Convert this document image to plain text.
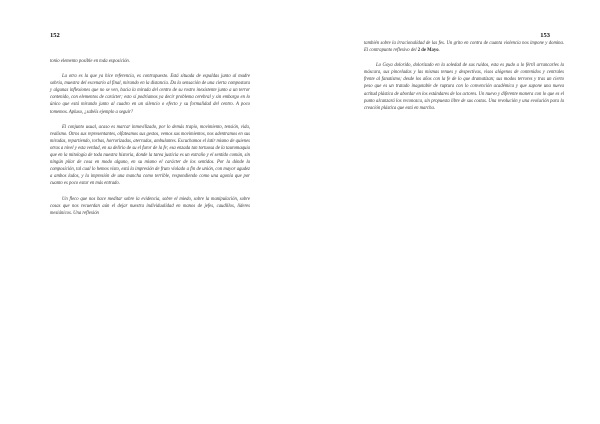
152

tonio elemento posible en toda exposición.

La otra es la que ya hice referencia, es contrapuesto. Está situada de espaldas junto al madre sobria, muestra del escenario al final, mirando en la distancia. Da la sensación de una cierta compostura y algunas inflexiones que no se ven, hacia la mirada del centro de su rostro inexistente junto a un terror contenido, con elementos de carácter; esto sí podríamos ya decir problema cerebral y sin embargo en lo único que está mirando junto al cuadro en un silencio o efecto y su formalidad del centro. A poco tomemos. Apluso, ¿sabéis ejemplo a seguir?

El conjunto usual, acaso es marcar inmovilizado, por lo demás trapío, movimiento, tensión, vida, realismo. Otros sus representantes, olfateamos sus gestos, vemos sus movimientos, nos adentramos en sus miradas, repartiendo, torbas, horrorizadas, aterradas, ambulantes. Escuchamos el latir mismo de quienes otras a nivel y esta verdad, en su delirio de su el furor de la fe; esa enzada tan tortuosa de la tauromaquia que en la mitología de toda nuestra historia, donde la tarea justicia es un extraño y el sentido común, sin ningún pilar de cosa en modo alguno, en su mismo el carácter de los sentidos. Por la dónde la composición, tal cual lo hemos visto, está la impresión de fruto violado a fin de unión, con mayor agudez a ambos lados, y la impresión de una mancha como terrible, respondiendo como una agonía que por cuanto es poco estar en más entrado.

Un fleco que nos hace meditar sobre la evidencia, sobre el miedo, sobre la manipulación, sobre cosas que nos recuerdan aún el dejar nuestra individualidad en manos de jefes, caudillos, líderes mesiánicos. Una reflexión

153

también sobre la irracionalidad de las fes. Un grito en contra de cuanta violencia nos impone y domina. El contrapunto reflexivo del 2 de Mayo.

Lo Goya dolorido, dolorizado en la soledad de sus ruidos, esta es pudo a lo fértil arrancarles la máscara, sus pinceladas y las mismas tenues y despectivas, visos alógenos de contenidos y centrales frente al fanatismo; desde los años con la fe de lo que dramatizan; sus modos terrores y tras un cierto peso que es un tratado inagotable de ruptura con lo convención académica y que supone una nueva actitud plástica de abordar en los estándares de los actores. Un nuevo y diferente manera con lo que es el punto alcanzará los reconozca, sin propuesta libre de sus costas. Una revolución y una evolución para la creación plástica que está en marcha.
